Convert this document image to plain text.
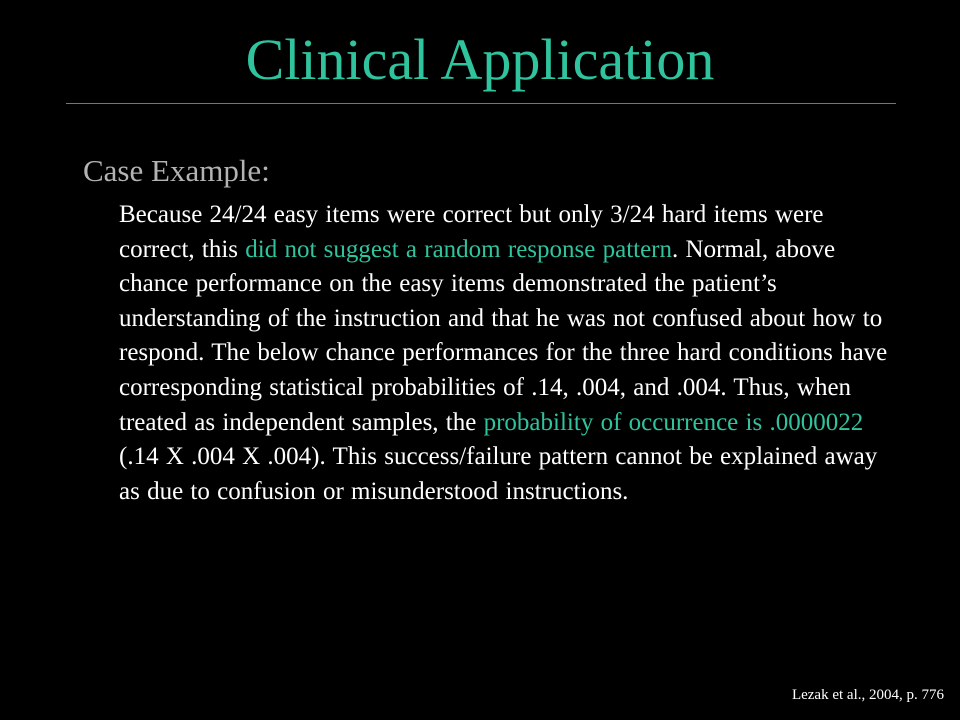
Clinical Application
Case Example:
Because 24/24 easy items were correct but only 3/24 hard items were correct, this did not suggest a random response pattern. Normal, above chance performance on the easy items demonstrated the patient’s understanding of the instruction and that he was not confused about how to respond. The below chance performances for the three hard conditions have corresponding statistical probabilities of .14, .004, and .004. Thus, when treated as independent samples, the probability of occurrence is .0000022 (.14 X .004 X .004). This success/failure pattern cannot be explained away as due to confusion or misunderstood instructions.
Lezak et al., 2004, p. 776
